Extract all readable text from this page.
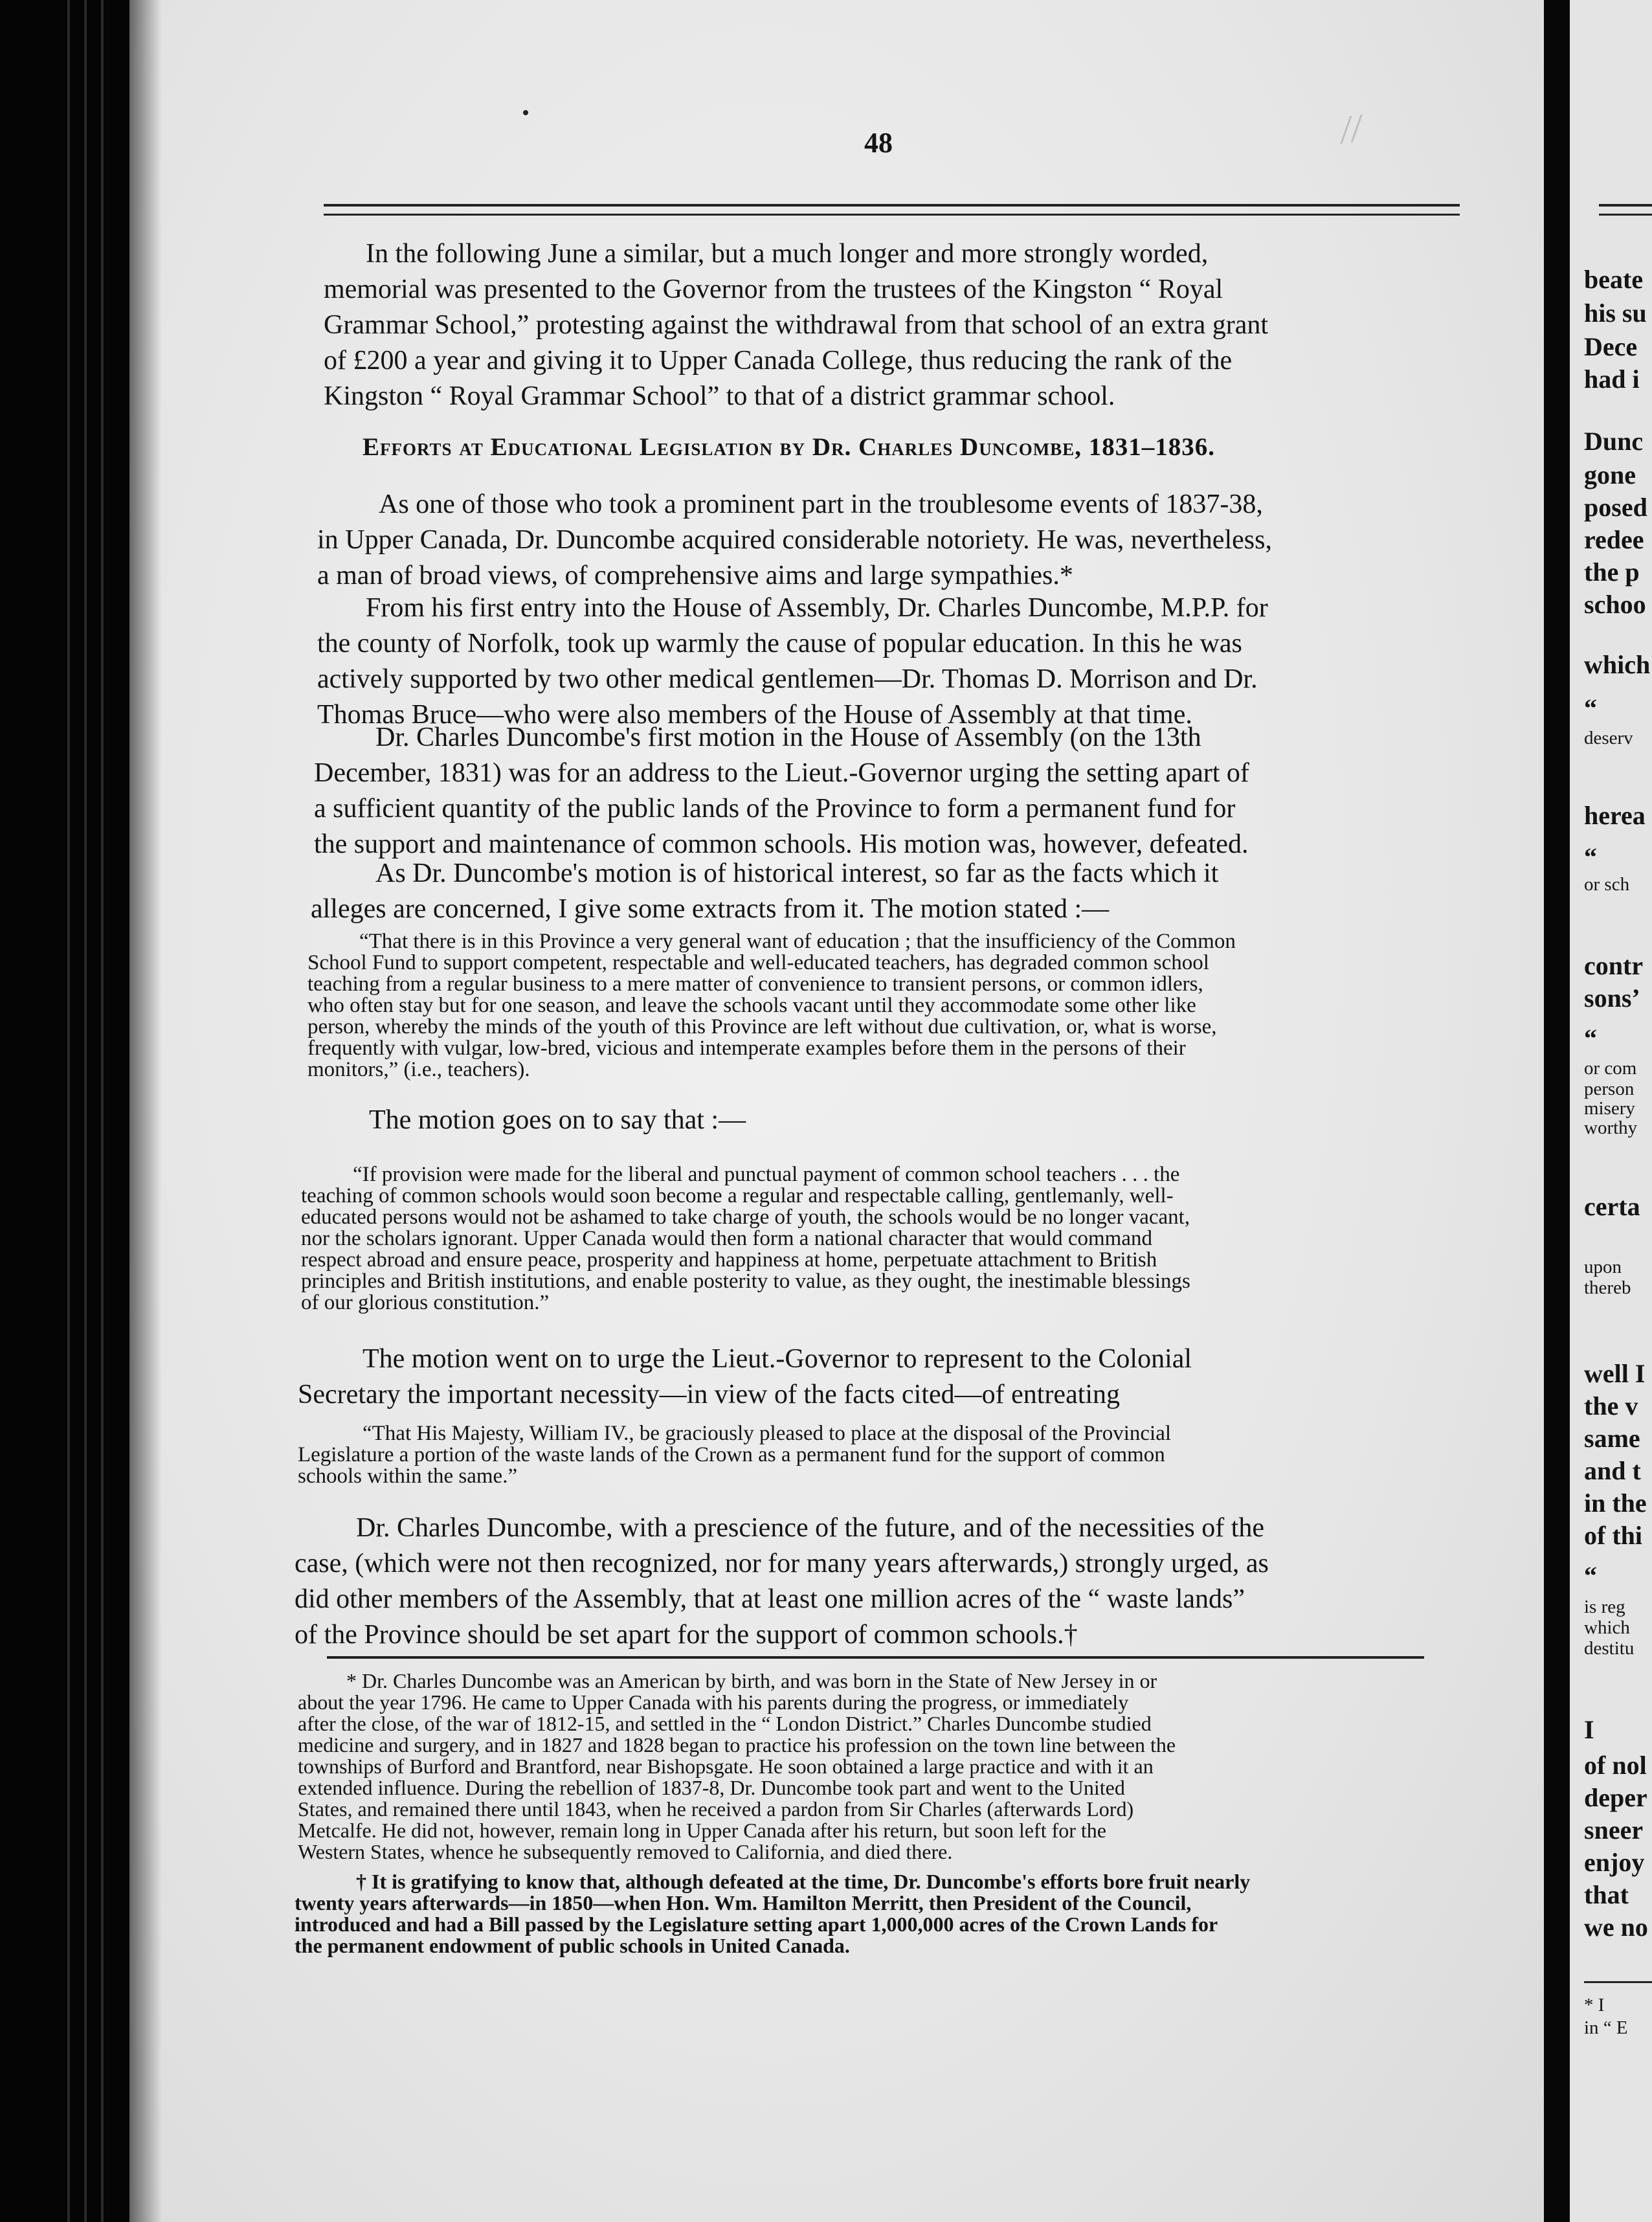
//
48
In the following June a similar, but a much longer and more strongly worded,
memorial was presented to the Governor from the trustees of the Kingston “ Royal
Grammar School,” protesting against the withdrawal from that school of an extra grant
of £200 a year and giving it to Upper Canada College, thus reducing the rank of the
Kingston “ Royal Grammar School” to that of a district grammar school.
Efforts at Educational Legislation by Dr. Charles Duncombe, 1831–1836.
As one of those who took a prominent part in the troublesome events of 1837-38,
in Upper Canada, Dr. Duncombe acquired considerable notoriety. He was, nevertheless,
a man of broad views, of comprehensive aims and large sympathies.*
From his first entry into the House of Assembly, Dr. Charles Duncombe, M.P.P. for
the county of Norfolk, took up warmly the cause of popular education. In this he was
actively supported by two other medical gentlemen—Dr. Thomas D. Morrison and Dr.
Thomas Bruce—who were also members of the House of Assembly at that time.
Dr. Charles Duncombe's first motion in the House of Assembly (on the 13th
December, 1831) was for an address to the Lieut.-Governor urging the setting apart of
a sufficient quantity of the public lands of the Province to form a permanent fund for
the support and maintenance of common schools. His motion was, however, defeated.
As Dr. Duncombe's motion is of historical interest, so far as the facts which it
alleges are concerned, I give some extracts from it. The motion stated :—
“That there is in this Province a very general want of education ; that the insufficiency of the Common
School Fund to support competent, respectable and well-educated teachers, has degraded common school
teaching from a regular business to a mere matter of convenience to transient persons, or common idlers,
who often stay but for one season, and leave the schools vacant until they accommodate some other like
person, whereby the minds of the youth of this Province are left without due cultivation, or, what is worse,
frequently with vulgar, low-bred, vicious and intemperate examples before them in the persons of their
monitors,” (i.e., teachers).
The motion goes on to say that :—
“If provision were made for the liberal and punctual payment of common school teachers . . . the
teaching of common schools would soon become a regular and respectable calling, gentlemanly, well-
educated persons would not be ashamed to take charge of youth, the schools would be no longer vacant,
nor the scholars ignorant. Upper Canada would then form a national character that would command
respect abroad and ensure peace, prosperity and happiness at home, perpetuate attachment to British
principles and British institutions, and enable posterity to value, as they ought, the inestimable blessings
of our glorious constitution.”
The motion went on to urge the Lieut.-Governor to represent to the Colonial
Secretary the important necessity—in view of the facts cited—of entreating
“That His Majesty, William IV., be graciously pleased to place at the disposal of the Provincial
Legislature a portion of the waste lands of the Crown as a permanent fund for the support of common
schools within the same.”
Dr. Charles Duncombe, with a prescience of the future, and of the necessities of the
case, (which were not then recognized, nor for many years afterwards,) strongly urged, as
did other members of the Assembly, that at least one million acres of the “ waste lands”
of the Province should be set apart for the support of common schools.†
* Dr. Charles Duncombe was an American by birth, and was born in the State of New Jersey in or
about the year 1796. He came to Upper Canada with his parents during the progress, or immediately
after the close, of the war of 1812-15, and settled in the “ London District.” Charles Duncombe studied
medicine and surgery, and in 1827 and 1828 began to practice his profession on the town line between the
townships of Burford and Brantford, near Bishopsgate. He soon obtained a large practice and with it an
extended influence. During the rebellion of 1837-8, Dr. Duncombe took part and went to the United
States, and remained there until 1843, when he received a pardon from Sir Charles (afterwards Lord)
Metcalfe. He did not, however, remain long in Upper Canada after his return, but soon left for the
Western States, whence he subsequently removed to California, and died there.
† It is gratifying to know that, although defeated at the time, Dr. Duncombe's efforts bore fruit nearly
twenty years afterwards—in 1850—when Hon. Wm. Hamilton Merritt, then President of the Council,
introduced and had a Bill passed by the Legislature setting apart 1,000,000 acres of the Crown Lands for
the permanent endowment of public schools in United Canada.
beate
his su
Dece
had i
Dunc
gone
posed
redee
the p
schoo
which
“
deserv
herea
“
or sch
contr
sons’
“
or com
person
misery
worthy
certa
upon
thereb
well I
the v
same
and t
in the
of thi
“
is reg
which
destitu
I
of nol
deper
sneer
enjoy
that
we no
* I
in “ E
